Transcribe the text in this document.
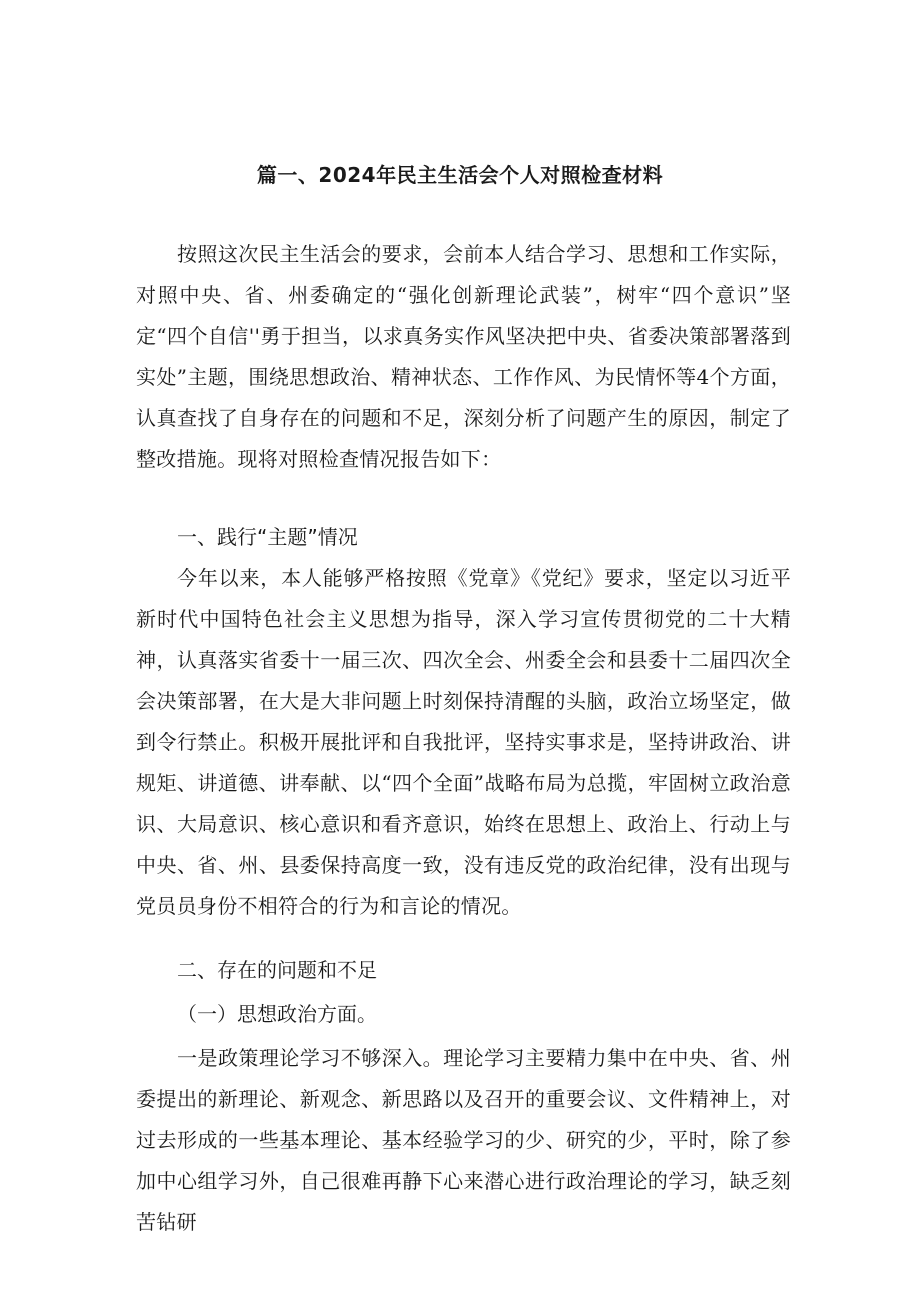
篇一、2024年民主生活会个人对照检查材料

按照这次民主生活会的要求，会前本人结合学习、思想和工作实际，对照中央、省、州委确定的“强化创新理论武装”，树牢“四个意识”坚定“四个自信''勇于担当，以求真务实作风坚决把中央、省委决策部署落到实处”主题，围绕思想政治、精神状态、工作作风、为民情怀等4个方面，认真查找了自身存在的问题和不足，深刻分析了问题产生的原因，制定了整改措施。现将对照检查情况报告如下：

一、践行“主题”情况

今年以来，本人能够严格按照《党章》《党纪》要求，坚定以习近平新时代中国特色社会主义思想为指导，深入学习宣传贯彻党的二十大精神，认真落实省委十一届三次、四次全会、州委全会和县委十二届四次全会决策部署，在大是大非问题上时刻保持清醒的头脑，政治立场坚定，做到令行禁止。积极开展批评和自我批评，坚持实事求是，坚持讲政治、讲规矩、讲道德、讲奉献、以“四个全面”战略布局为总揽，牢固树立政治意识、大局意识、核心意识和看齐意识，始终在思想上、政治上、行动上与中央、省、州、县委保持高度一致，没有违反党的政治纪律，没有出现与党员员身份不相符合的行为和言论的情况。

二、存在的问题和不足
（一）思想政治方面。

一是政策理论学习不够深入。理论学习主要精力集中在中央、省、州委提出的新理论、新观念、新思路以及召开的重要会议、文件精神上，对过去形成的一些基本理论、基本经验学习的少、研究的少，平时，除了参加中心组学习外，自己很难再静下心来潜心进行政治理论的学习，缺乏刻苦钻研
